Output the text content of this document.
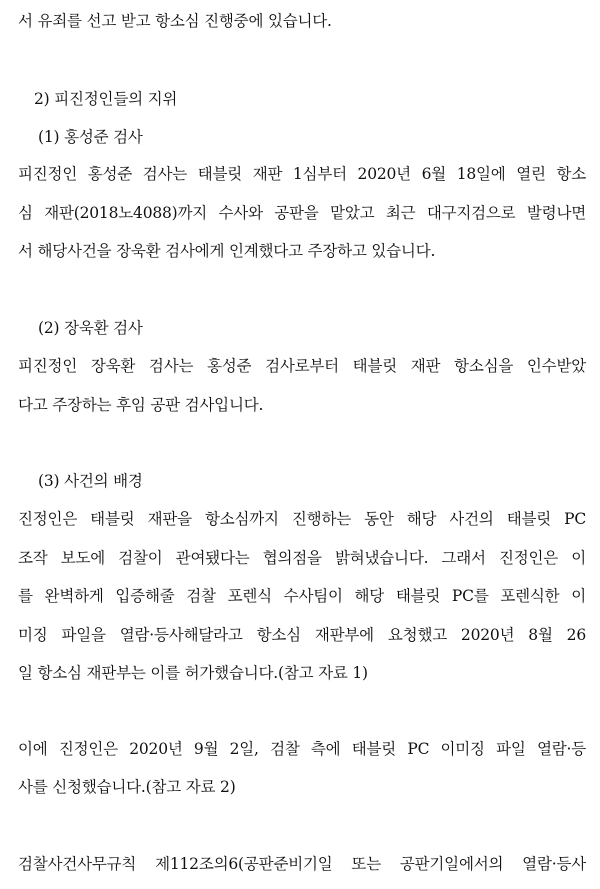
서 유죄를 선고 받고 항소심 진행중에 있습니다.
2) 피진정인들의 지위
(1) 홍성준 검사
피진정인 홍성준 검사는 태블릿 재판 1심부터 2020년 6월 18일에 열린 항소
심 재판(2018노4088)까지 수사와 공판을 맡았고 최근 대구지검으로 발령나면
서 해당사건을 장욱환 검사에게 인계했다고 주장하고 있습니다.
(2) 장욱환 검사
피진정인 장욱환 검사는 홍성준 검사로부터 태블릿 재판 항소심을 인수받았
다고 주장하는 후임 공판 검사입니다.
(3) 사건의 배경
진정인은 태블릿 재판을 항소심까지 진행하는 동안 해당 사건의 태블릿 PC
조작 보도에 검찰이 관여됐다는 협의점을 밝혀냈습니다. 그래서 진정인은 이
를 완벽하게 입증해줄 검찰 포렌식 수사팀이 해당 태블릿 PC를 포렌식한 이
미징 파일을 열람·등사해달라고 항소심 재판부에 요청했고 2020년 8월 26
일 항소심 재판부는 이를 허가했습니다.(참고 자료 1)
이에 진정인은 2020년 9월 2일, 검찰 측에 태블릿 PC 이미징 파일 열람·등
사를 신청했습니다.(참고 자료 2)
검찰사건사무규칙 제112조의6(공판준비기일 또는 공판기일에서의 열람·등사
